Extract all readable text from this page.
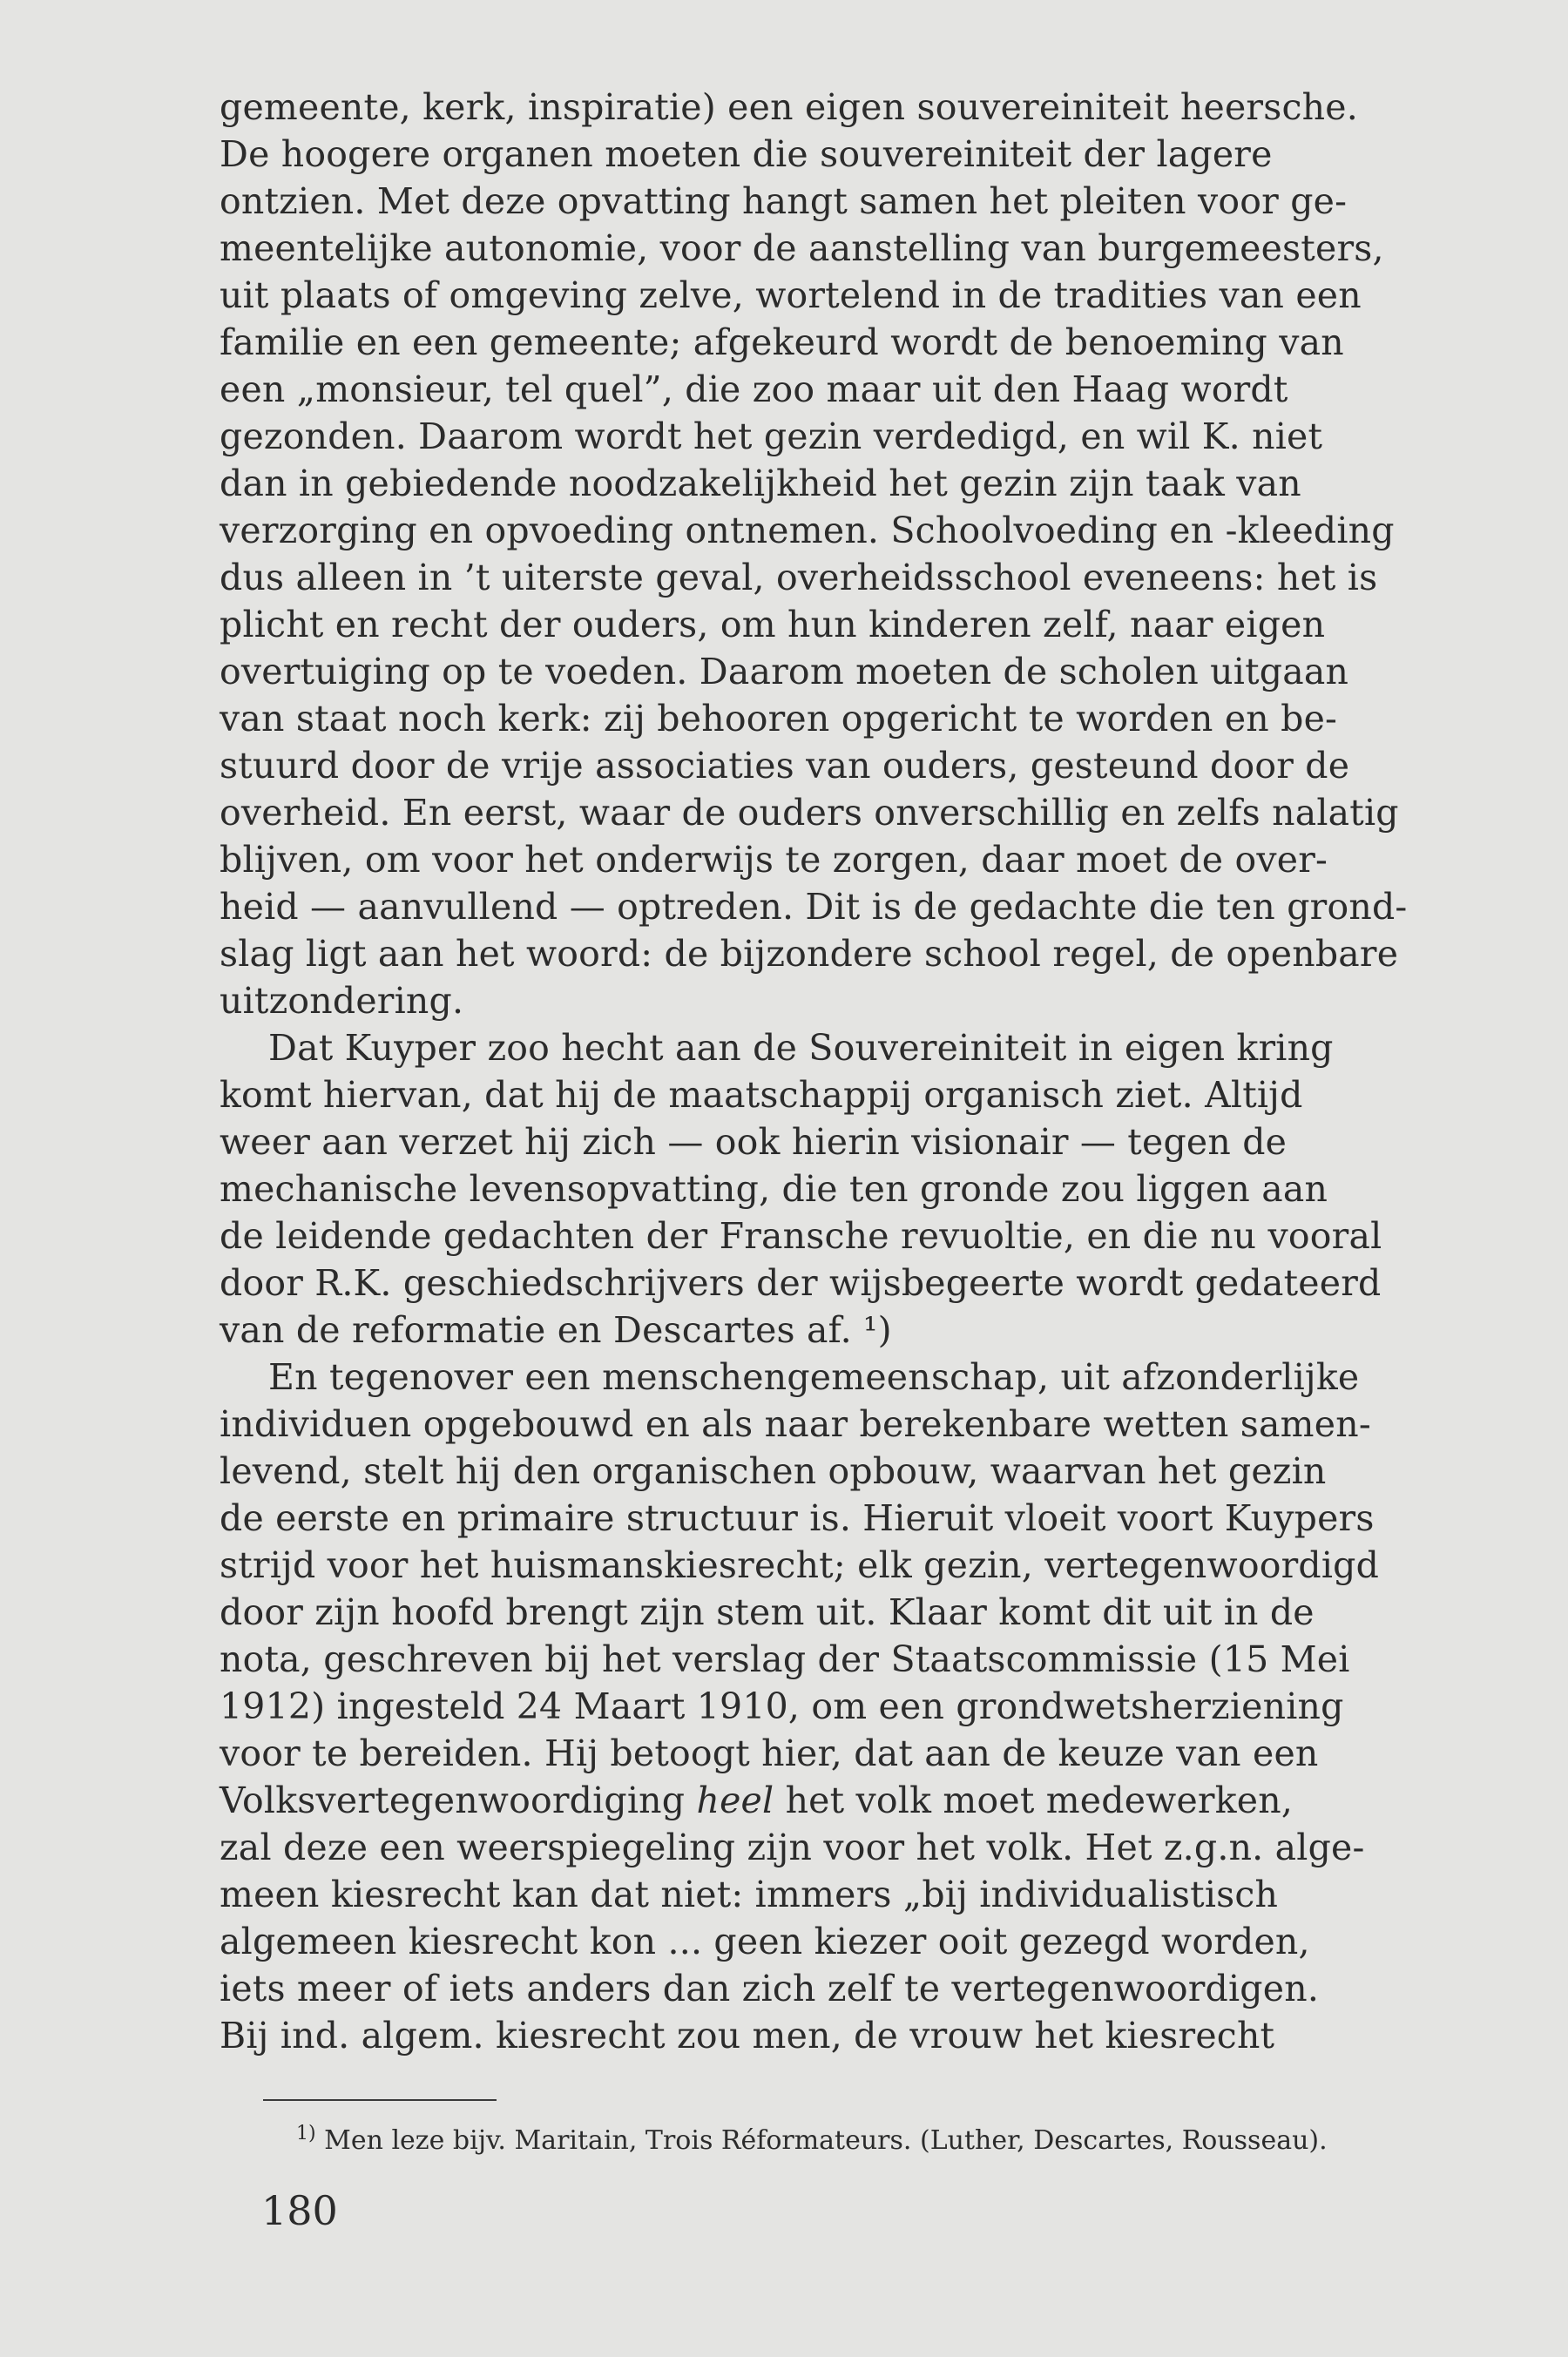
gemeente, kerk, inspiratie) een eigen souvereiniteit heersche.
De hoogere organen moeten die souvereiniteit der lagere
ontzien. Met deze opvatting hangt samen het pleiten voor ge-
meentelijke autonomie, voor de aanstelling van burgemeesters,
uit plaats of omgeving zelve, wortelend in de tradities van een
familie en een gemeente; afgekeurd wordt de benoeming van
een „monsieur, tel quel”, die zoo maar uit den Haag wordt
gezonden. Daarom wordt het gezin verdedigd, en wil K. niet
dan in gebiedende noodzakelijkheid het gezin zijn taak van
verzorging en opvoeding ontnemen. Schoolvoeding en -kleeding
dus alleen in ’t uiterste geval, overheidsschool eveneens: het is
plicht en recht der ouders, om hun kinderen zelf, naar eigen
overtuiging op te voeden. Daarom moeten de scholen uitgaan
van staat noch kerk: zij behooren opgericht te worden en be-
stuurd door de vrije associaties van ouders, gesteund door de
overheid. En eerst, waar de ouders onverschillig en zelfs nalatig
blijven, om voor het onderwijs te zorgen, daar moet de over-
heid — aanvullend — optreden. Dit is de gedachte die ten grond-
slag ligt aan het woord: de bijzondere school regel, de openbare
uitzondering.

Dat Kuyper zoo hecht aan de Souvereiniteit in eigen kring
komt hiervan, dat hij de maatschappij organisch ziet. Altijd
weer aan verzet hij zich — ook hierin visionair — tegen de
mechanische levensopvatting, die ten gronde zou liggen aan
de leidende gedachten der Fransche revuoltie, en die nu vooral
door R.K. geschiedschrijvers der wijsbegeerte wordt gedateerd
van de reformatie en Descartes af. ¹)

En tegenover een menschengemeenschap, uit afzonderlijke
individuen opgebouwd en als naar berekenbare wetten samen-
levend, stelt hij den organischen opbouw, waarvan het gezin
de eerste en primaire structuur is. Hieruit vloeit voort Kuypers
strijd voor het huismanskiesrecht; elk gezin, vertegenwoordigd
door zijn hoofd brengt zijn stem uit. Klaar komt dit uit in de
nota, geschreven bij het verslag der Staatscommissie (15 Mei
1912) ingesteld 24 Maart 1910, om een grondwetsherziening
voor te bereiden. Hij betoogt hier, dat aan de keuze van een
Volksvertegenwoordiging heel het volk moet medewerken,
zal deze een weerspiegeling zijn voor het volk. Het z.g.n. alge-
meen kiesrecht kan dat niet: immers „bij individualistisch
algemeen kiesrecht kon ... geen kiezer ooit gezegd worden,
iets meer of iets anders dan zich zelf te vertegenwoordigen.
Bij ind. algem. kiesrecht zou men, de vrouw het kiesrecht

$^{1)}$ Men leze bijv. Maritain, Trois Réformateurs. (Luther, Descartes, Rousseau).
180
